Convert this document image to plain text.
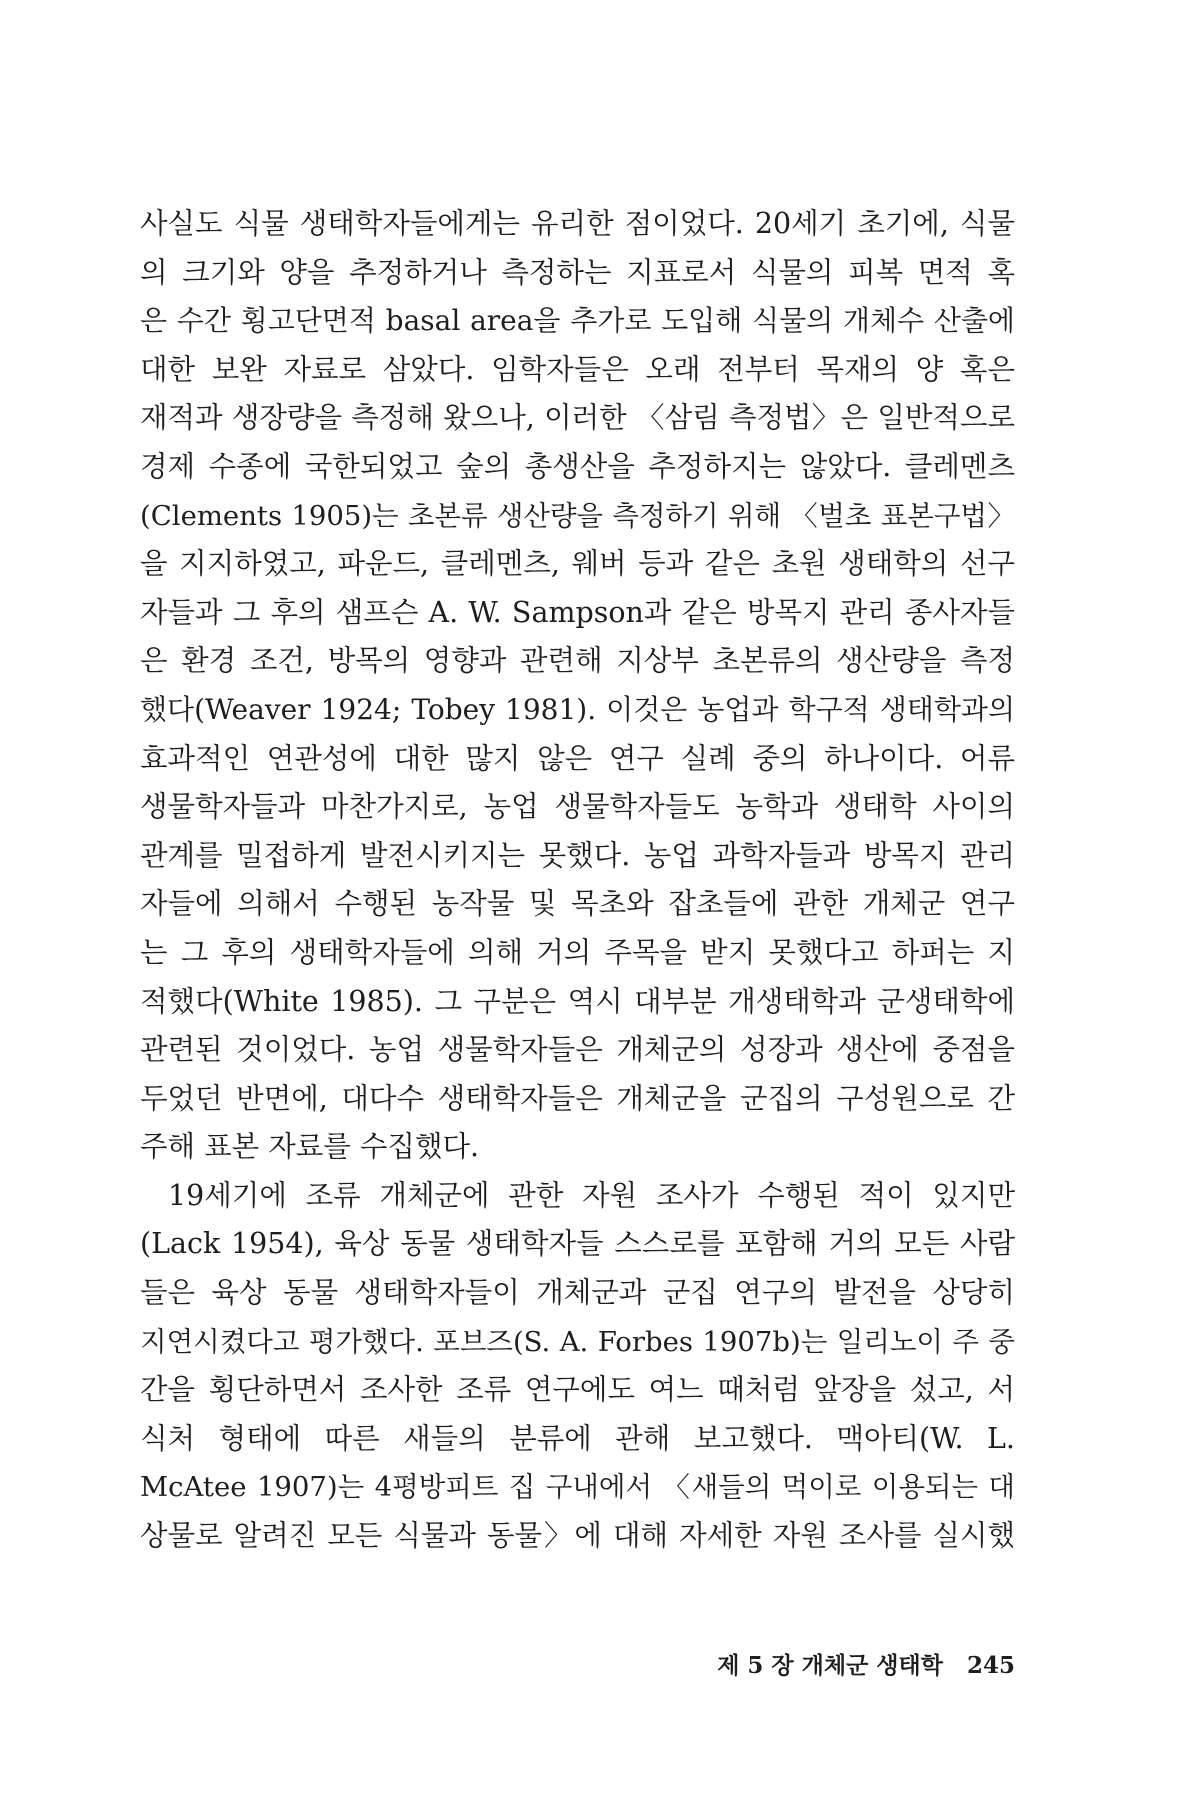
사실도 식물 생태학자들에게는 유리한 점이었다. 20세기 초기에, 식물
의 크기와 양을 추정하거나 측정하는 지표로서 식물의 피복 면적 혹
은 수간 횡고단면적 basal area을 추가로 도입해 식물의 개체수 산출에
대한 보완 자료로 삼았다. 임학자들은 오래 전부터 목재의 양 혹은
재적과 생장량을 측정해 왔으나, 이러한 〈삼림 측정법〉은 일반적으로
경제 수종에 국한되었고 숲의 총생산을 추정하지는 않았다. 클레멘츠
(Clements 1905)는 초본류 생산량을 측정하기 위해 〈벌초 표본구법〉
을 지지하였고, 파운드, 클레멘츠, 웨버 등과 같은 초원 생태학의 선구
자들과 그 후의 샘프슨 A. W. Sampson과 같은 방목지 관리 종사자들
은 환경 조건, 방목의 영향과 관련해 지상부 초본류의 생산량을 측정
했다(Weaver 1924; Tobey 1981). 이것은 농업과 학구적 생태학과의
효과적인 연관성에 대한 많지 않은 연구 실례 중의 하나이다. 어류
생물학자들과 마찬가지로, 농업 생물학자들도 농학과 생태학 사이의
관계를 밀접하게 발전시키지는 못했다. 농업 과학자들과 방목지 관리
자들에 의해서 수행된 농작물 및 목초와 잡초들에 관한 개체군 연구
는 그 후의 생태학자들에 의해 거의 주목을 받지 못했다고 하퍼는 지
적했다(White 1985). 그 구분은 역시 대부분 개생태학과 군생태학에
관련된 것이었다. 농업 생물학자들은 개체군의 성장과 생산에 중점을
두었던 반면에, 대다수 생태학자들은 개체군을 군집의 구성원으로 간
주해 표본 자료를 수집했다.
19세기에 조류 개체군에 관한 자원 조사가 수행된 적이 있지만
(Lack 1954), 육상 동물 생태학자들 스스로를 포함해 거의 모든 사람
들은 육상 동물 생태학자들이 개체군과 군집 연구의 발전을 상당히
지연시켰다고 평가했다. 포브즈(S. A. Forbes 1907b)는 일리노이 주 중
간을 횡단하면서 조사한 조류 연구에도 여느 때처럼 앞장을 섰고, 서
식처 형태에 따른 새들의 분류에 관해 보고했다. 맥아티(W. L.
McAtee 1907)는 4평방피트 집 구내에서 〈새들의 먹이로 이용되는 대
상물로 알려진 모든 식물과 동물〉에 대해 자세한 자원 조사를 실시했
제 5 장 개체군 생태학 245
